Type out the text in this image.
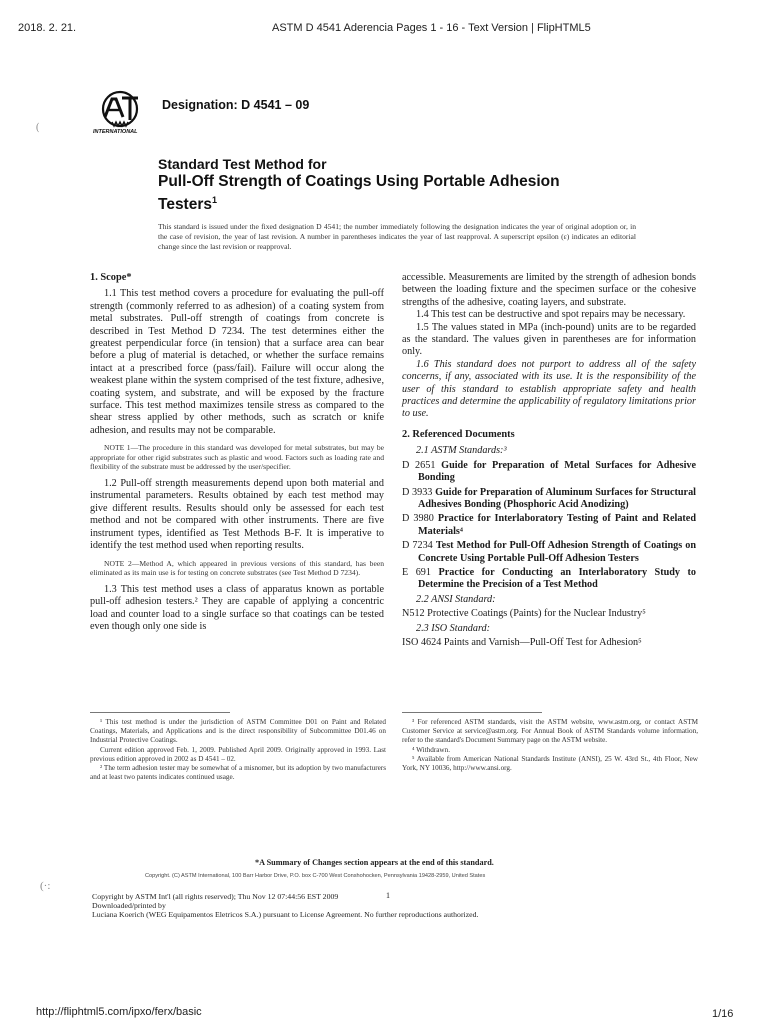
2018. 2. 21.	ASTM D 4541 Aderencia Pages 1 - 16 - Text Version | FlipHTML5
http://fliphtml5.com/ipxo/ferx/basic	1/16
INTERNATIONAL
Designation: D 4541 – 09
Standard Test Method for
Pull-Off Strength of Coatings Using Portable Adhesion
Testers$^1$
This standard is issued under the fixed designation D 4541; the number immediately following the designation indicates the year of original adoption or, in the case of revision, the year of last revision. A number in parentheses indicates the year of last reapproval. A superscript epsilon (ε) indicates an editorial change since the last revision or reapproval.
1. Scope*

1.1 This test method covers a procedure for evaluating the pull-off strength (commonly referred to as adhesion) of a coating system from metal substrates. Pull-off strength of coatings from concrete is described in Test Method D 7234. The test determines either the greatest perpendicular force (in tension) that a surface area can bear before a plug of material is detached, or whether the surface remains intact at a prescribed force (pass/fail). Failure will occur along the weakest plane within the system comprised of the test fixture, adhesive, coating system, and substrate, and will be exposed by the fracture surface. This test method maximizes tensile stress as compared to the shear stress applied by other methods, such as scratch or knife adhesion, and results may not be comparable.

NOTE 1—The procedure in this standard was developed for metal substrates, but may be appropriate for other rigid substrates such as plastic and wood. Factors such as loading rate and flexibility of the substrate must be addressed by the user/specifier.

1.2 Pull-off strength measurements depend upon both material and instrumental parameters. Results obtained by each test method may give different results. Results should only be assessed for each test method and not be compared with other instruments. There are five instrument types, identified as Test Methods B-F. It is imperative to identify the test method used when reporting results.

NOTE 2—Method A, which appeared in previous versions of this standard, has been eliminated as its main use is for testing on concrete substrates (see Test Method D 7234).

1.3 This test method uses a class of apparatus known as portable pull-off adhesion testers.² They are capable of applying a concentric load and counter load to a single surface so that coatings can be tested even though only one side is

accessible. Measurements are limited by the strength of adhesion bonds between the loading fixture and the specimen surface or the cohesive strengths of the adhesive, coating layers, and substrate.

1.4 This test can be destructive and spot repairs may be necessary.

1.5 The values stated in MPa (inch-pound) units are to be regarded as the standard. The values given in parentheses are for information only.

1.6 This standard does not purport to address all of the safety concerns, if any, associated with its use. It is the responsibility of the user of this standard to establish appropriate safety and health practices and determine the applicability of regulatory limitations prior to use.

2. Referenced Documents

2.1 ASTM Standards:³

D 2651 Guide for Preparation of Metal Surfaces for Adhesive Bonding

D 3933 Guide for Preparation of Aluminum Surfaces for Structural Adhesives Bonding (Phosphoric Acid Anodizing)

D 3980 Practice for Interlaboratory Testing of Paint and Related Materials⁴

D 7234 Test Method for Pull-Off Adhesion Strength of Coatings on Concrete Using Portable Pull-Off Adhesion Testers

E 691 Practice for Conducting an Interlaboratory Study to Determine the Precision of a Test Method

2.2 ANSI Standard:

N512 Protective Coatings (Paints) for the Nuclear Industry⁵

2.3 ISO Standard:

ISO 4624 Paints and Varnish—Pull-Off Test for Adhesion⁵

¹ This test method is under the jurisdiction of ASTM Committee D01 on Paint and Related Coatings, Materials, and Applications and is the direct responsibility of Subcommittee D01.46 on Industrial Protective Coatings.

Current edition approved Feb. 1, 2009. Published April 2009. Originally approved in 1993. Last previous edition approved in 2002 as D 4541 – 02.

² The term adhesion tester may be somewhat of a misnomer, but its adoption by two manufacturers and at least two patents indicates continued usage.

³ For referenced ASTM standards, visit the ASTM website, www.astm.org, or contact ASTM Customer Service at service@astm.org. For Annual Book of ASTM Standards volume information, refer to the standard's Document Summary page on the ASTM website.

⁴ Withdrawn.

⁵ Available from American National Standards Institute (ANSI), 25 W. 43rd St., 4th Floor, New York, NY 10036, http://www.ansi.org.

*A Summary of Changes section appears at the end of this standard.
Copyright. (C) ASTM International, 100 Barr Harbor Drive, P.O. box C-700 West Conshohocken, Pennsylvania 19428-2959, United States
Copyright by ASTM Int'l (all rights reserved); Thu Nov 12 07:44:56 EST 2009
Downloaded/printed by
Luciana Koerich (WEG Equipamentos Eletricos S.A.) pursuant to License Agreement. No further reproductions authorized.
1
(
(·:
